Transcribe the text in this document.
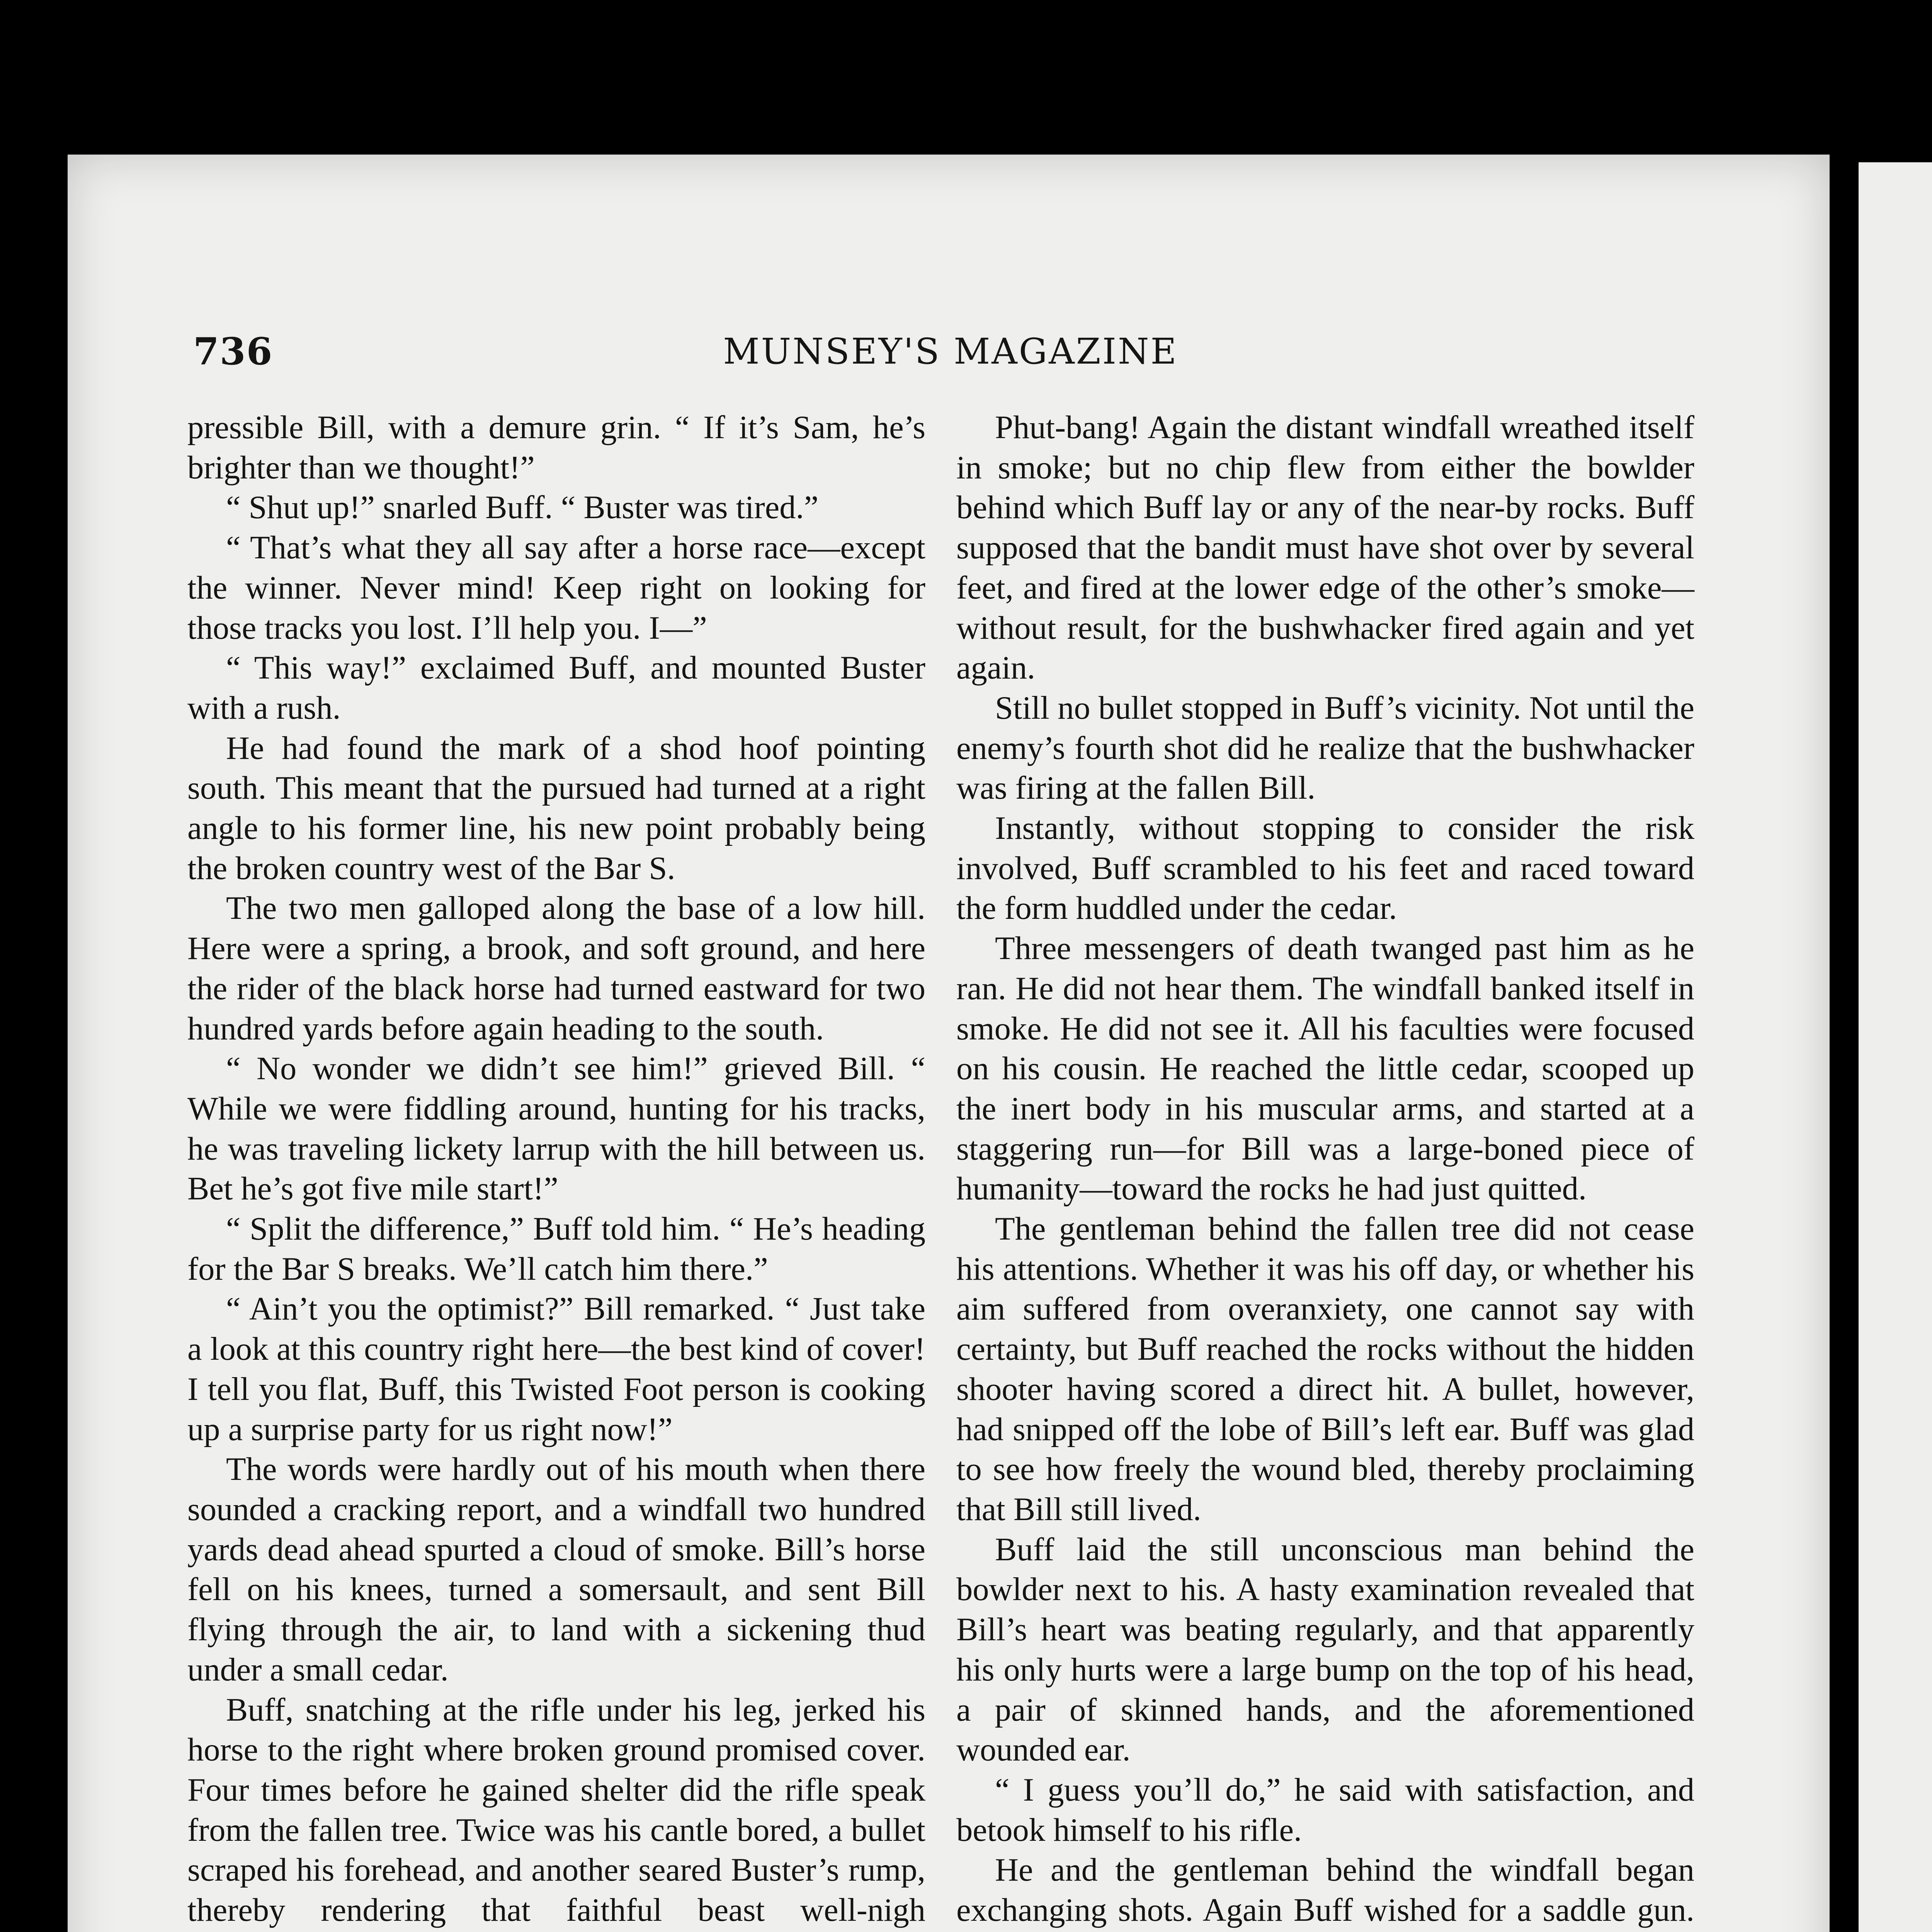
736	MUNSEY'S MAGAZINE

pressible Bill, with a demure grin. “ If it’s Sam, he’s brighter than we thought!”

“ Shut up!” snarled Buff. “ Buster was tired.”

“ That’s what they all say after a horse race—except the winner. Never mind! Keep right on looking for those tracks you lost. I’ll help you. I—”

“ This way!” exclaimed Buff, and mounted Buster with a rush.

He had found the mark of a shod hoof pointing south. This meant that the pursued had turned at a right angle to his former line, his new point probably being the broken country west of the Bar S.

The two men galloped along the base of a low hill. Here were a spring, a brook, and soft ground, and here the rider of the black horse had turned eastward for two hundred yards before again heading to the south.

“ No wonder we didn’t see him!” grieved Bill. “ While we were fiddling around, hunting for his tracks, he was traveling lickety larrup with the hill between us. Bet he’s got five mile start!”

“ Split the difference,” Buff told him. “ He’s heading for the Bar S breaks. We’ll catch him there.”

“ Ain’t you the optimist?” Bill remarked. “ Just take a look at this country right here—the best kind of cover! I tell you flat, Buff, this Twisted Foot person is cooking up a surprise party for us right now!”

The words were hardly out of his mouth when there sounded a cracking report, and a windfall two hundred yards dead ahead spurted a cloud of smoke. Bill’s horse fell on his knees, turned a somersault, and sent Bill flying through the air, to land with a sickening thud under a small cedar.

Buff, snatching at the rifle under his leg, jerked his horse to the right where broken ground promised cover. Four times before he gained shelter did the rifle speak from the fallen tree. Twice was his cantle bored, a bullet scraped his forehead, and another seared Buster’s rump, thereby rendering that faithful beast well-nigh

Phut-bang! Again the distant windfall wreathed itself in smoke; but no chip flew from either the bowlder behind which Buff lay or any of the near-by rocks. Buff supposed that the bandit must have shot over by several feet, and fired at the lower edge of the other’s smoke—without result, for the bushwhacker fired again and yet again.

Still no bullet stopped in Buff’s vicinity. Not until the enemy’s fourth shot did he realize that the bushwhacker was firing at the fallen Bill.

Instantly, without stopping to consider the risk involved, Buff scrambled to his feet and raced toward the form huddled under the cedar.

Three messengers of death twanged past him as he ran. He did not hear them. The windfall banked itself in smoke. He did not see it. All his faculties were focused on his cousin. He reached the little cedar, scooped up the inert body in his muscular arms, and started at a staggering run—for Bill was a large-boned piece of humanity—toward the rocks he had just quitted.

The gentleman behind the fallen tree did not cease his attentions. Whether it was his off day, or whether his aim suffered from overanxiety, one cannot say with certainty, but Buff reached the rocks without the hidden shooter having scored a direct hit. A bullet, however, had snipped off the lobe of Bill’s left ear. Buff was glad to see how freely the wound bled, thereby proclaiming that Bill still lived.

Buff laid the still unconscious man behind the bowlder next to his. A hasty examination revealed that Bill’s heart was beating regularly, and that apparently his only hurts were a large bump on the top of his head, a pair of skinned hands, and the aforementioned wounded ear.

“ I guess you’ll do,” he said with satisfaction, and betook himself to his rifle.

He and the gentleman behind the windfall began exchanging shots. Again Buff wished for a saddle gun.
